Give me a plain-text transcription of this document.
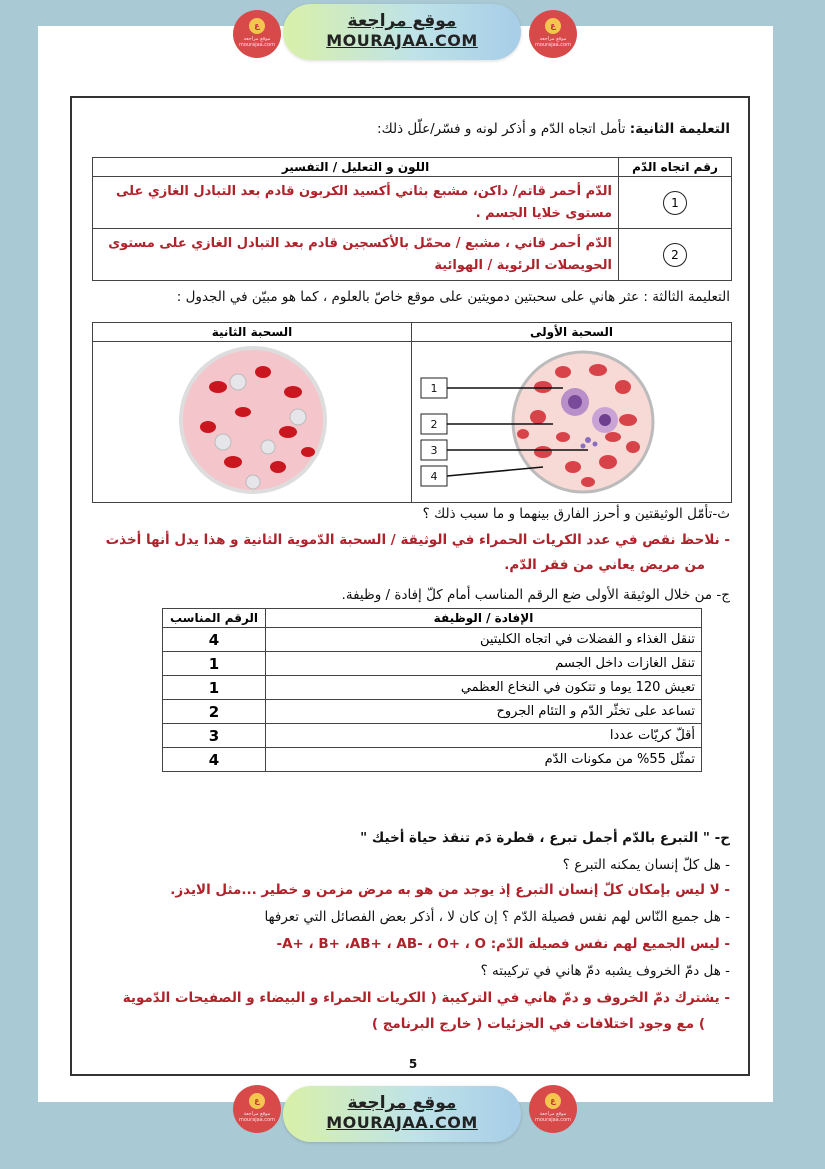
ع
موقع مراجعة
mourajaa.com
موقع مراجعة
MOURAJAA.COM
ع
موقع مراجعة
mourajaa.com
التعليمة الثانية: تأمل اتجاه الدّم و أذكر لونه و فسّر/علّل ذلك:
رقم اتجاه الدّم	اللون و التعليل / التفسير
1	الدّم أحمر قاتم/ داكن، مشبع بثاني أكسيد الكربون قادم بعد التبادل الغازي على مستوى خلايا الجسم .
2	الدّم أحمر قاني ، مشبع / محمّل بالأكسجين قادم بعد التبادل الغازي على مستوى الحويصلات الرئوية / الهوائية
التعليمة الثالثة : عثر هاني على سحبتين دمويتين على موقع خاصّ بالعلوم ، كما هو مبيّن في الجدول :
السحبة الأولى	السحبة الثانية

1
2
3
4

ث-تأمّل الوثيقتين و أحرز الفارق بينهما و ما سبب ذلك ؟
- نلاحظ نقص في عدد الكريات الحمراء في الوثيقة / السحبة الدّموية الثانية و هذا يدل أنها أخذت
من مريض يعاني من فقر الدّم.
ج- من خلال الوثيقة الأولى ضع الرقم المناسب أمام كلّ إفادة / وظيفة.
الإفادة / الوظيفة	الرقم المناسب
تنقل الغذاء و الفضلات في اتجاه الكليتين	4
تنقل الغازات داخل الجسم	1
تعيش 120 يوما و تتكون في النخاع العظمي	1
تساعد على تخثّر الدّم و التئام الجروح	2
أقلّ كريّات عددا	3
تمثّل 55% من مكونات الدّم	4
ح- " التبرع بالدّم أجمل تبرع ، قطرة دَم تنقذ حياة أخيك "
- هل كلّ إنسان يمكنه التبرع ؟
- لا ليس بإمكان كلّ إنسان التبرع إذ يوجد من هو به مرض مزمن و خطير ...مثل الايدز.
- هل جميع النّاس لهم نفس فصيلة الدّم ؟ إن كان لا ، أذكر بعض الفصائل التي تعرفها
- ليس الجميع لهم نفس فصيلة الدّم: A+ ، B+ ،AB+ ، AB- ، O+ ، O-
- هل دمّ الخروف يشبه دمّ هاني في تركيبته ؟
- يشترك دمّ الخروف و دمّ هاني في التركيبة ( الكريات الحمراء و البيضاء و الصفيحات الدّموية
) مع وجود اختلافات في الجزئيات ( خارج البرنامج )
5
ع
موقع مراجعة
mourajaa.com
موقع مراجعة
MOURAJAA.COM
ع
موقع مراجعة
mourajaa.com
